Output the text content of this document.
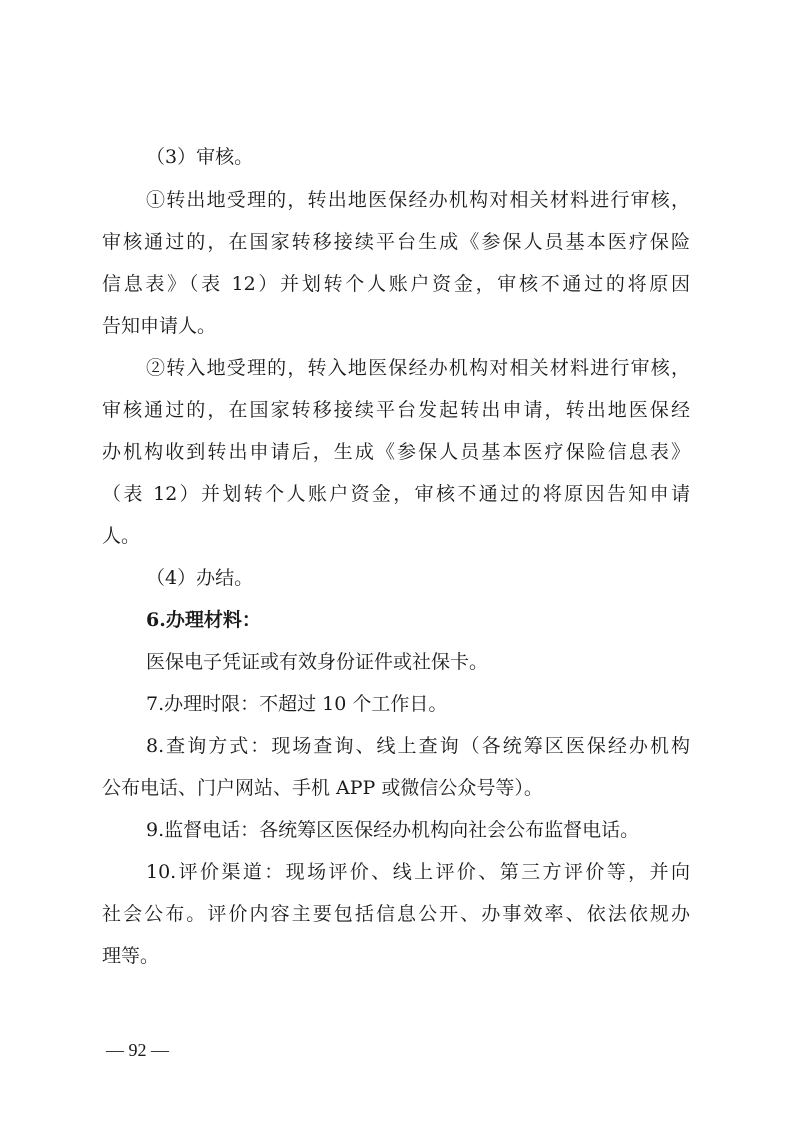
（3）审核。
①转出地受理的，转出地医保经办机构对相关材料进行审核，
审核通过的，在国家转移接续平台生成《参保人员基本医疗保险
信息表》（表 12）并划转个人账户资金，审核不通过的将原因
告知申请人。
②转入地受理的，转入地医保经办机构对相关材料进行审核，
审核通过的，在国家转移接续平台发起转出申请，转出地医保经
办机构收到转出申请后，生成《参保人员基本医疗保险信息表》
（表 12）并划转个人账户资金，审核不通过的将原因告知申请
人。
（4）办结。
6.办理材料：
医保电子凭证或有效身份证件或社保卡。
7.办理时限：不超过 10 个工作日。
8.查询方式：现场查询、线上查询（各统筹区医保经办机构
公布电话、门户网站、手机 APP 或微信公众号等）。
9.监督电话：各统筹区医保经办机构向社会公布监督电话。
10.评价渠道：现场评价、线上评价、第三方评价等，并向
社会公布。评价内容主要包括信息公开、办事效率、依法依规办
理等。
— 92 —
